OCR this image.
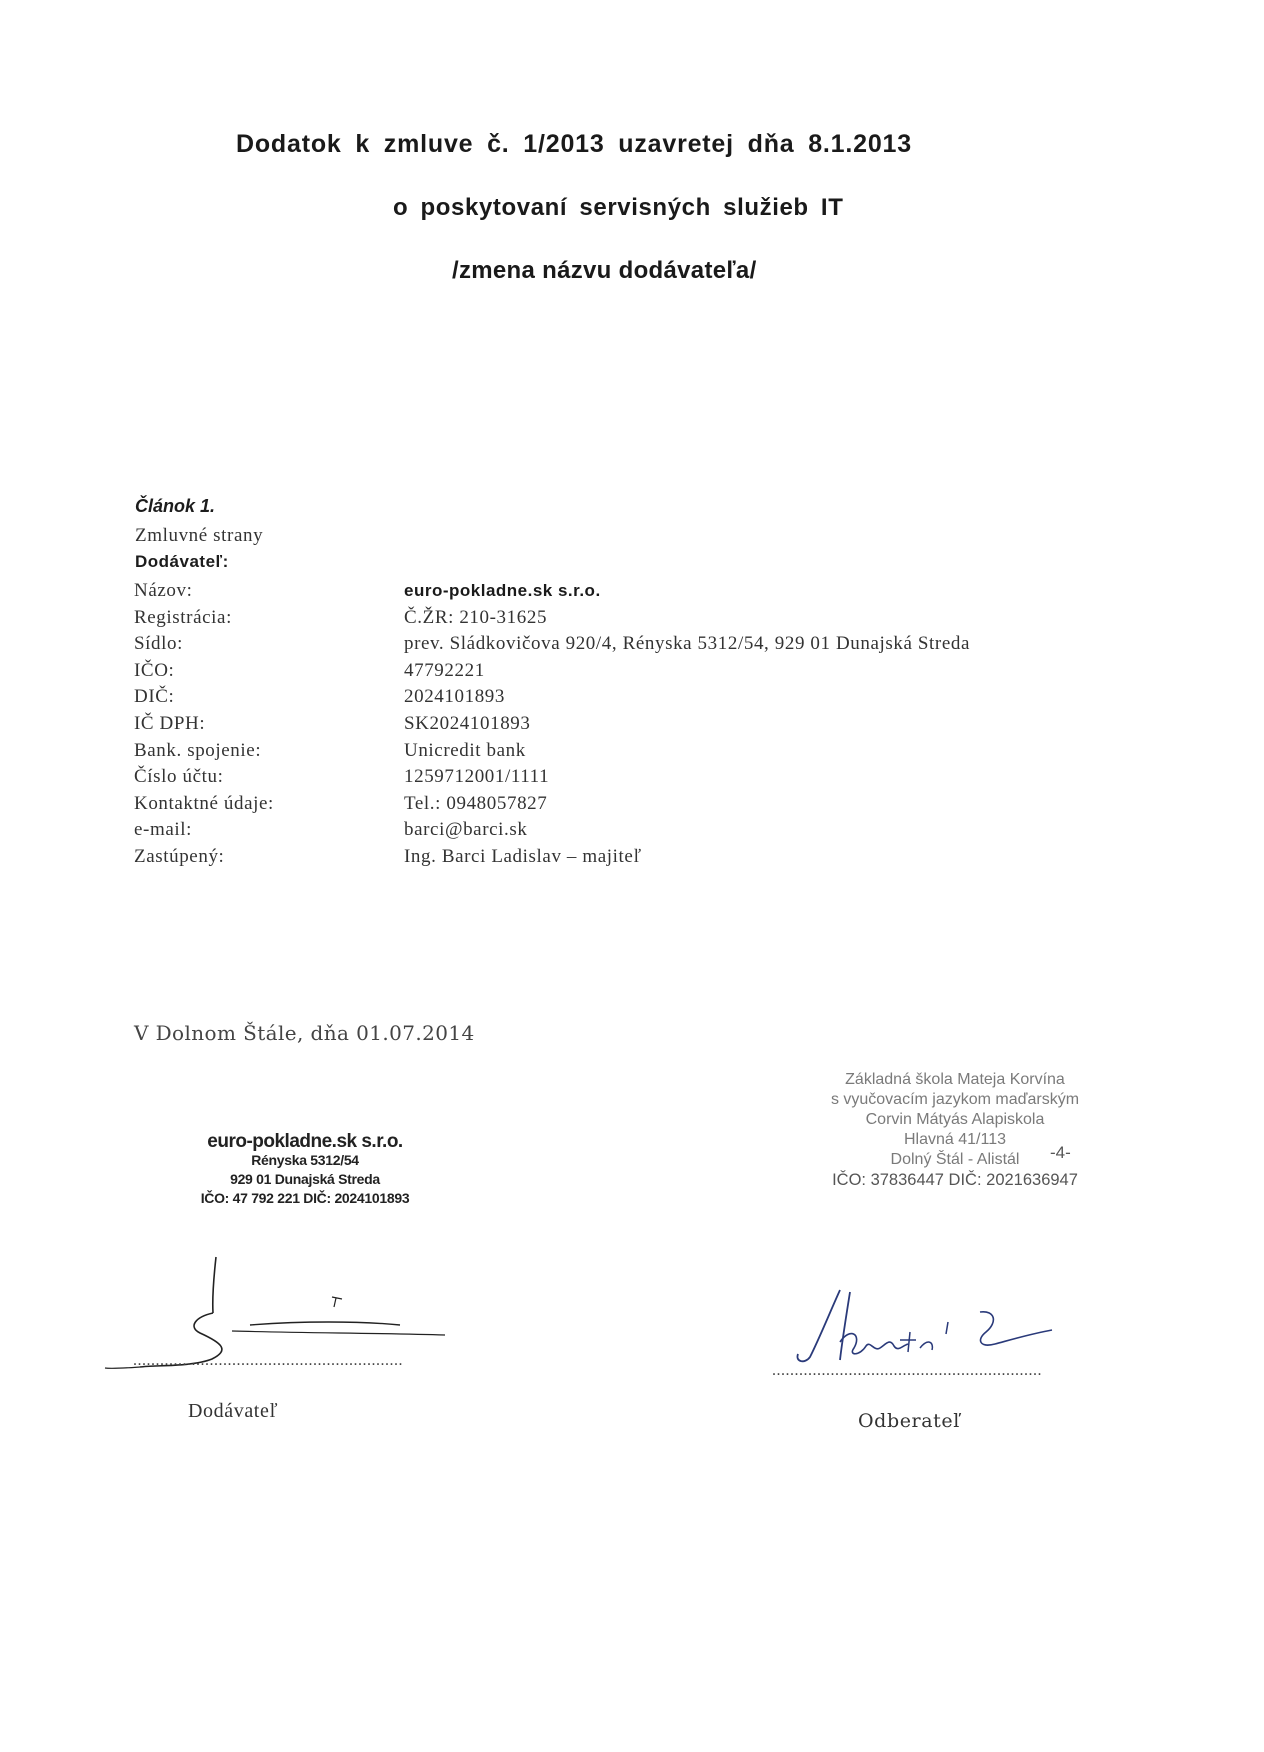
Dodatok k zmluve č. 1/2013 uzavretej dňa 8.1.2013
o poskytovaní servisných služieb IT
/zmena názvu dodávateľa/
Článok 1.
Zmluvné strany
Dodávateľ:
Názov:	euro-pokladne.sk s.r.o.
Registrácia:	Č.ŽR: 210-31625
Sídlo:	prev. Sládkovičova 920/4, Rényska 5312/54, 929 01 Dunajská Streda
IČO:	47792221
DIČ:	2024101893
IČ DPH:	SK2024101893
Bank. spojenie:	Unicredit bank
Číslo účtu:	1259712001/1111
Kontaktné údaje:	Tel.: 0948057827
e-mail:	barci@barci.sk
Zastúpený:	Ing. Barci Ladislav – majiteľ
V Dolnom Štále, dňa 01.07.2014
euro-pokladne.sk s.r.o.
Rényska 5312/54
929 01 Dunajská Streda
IČO: 47 792 221 DIČ: 2024101893
Základná škola Mateja Korvína
s vyučovacím jazykom maďarským
Corvin Mátyás Alapiskola
Hlavná 41/113
Dolný Štál - Alistál
IČO: 37836447 DIČ: 2021636947
-4-
............................................................
Dodávateľ
............................................................
Odberateľ
